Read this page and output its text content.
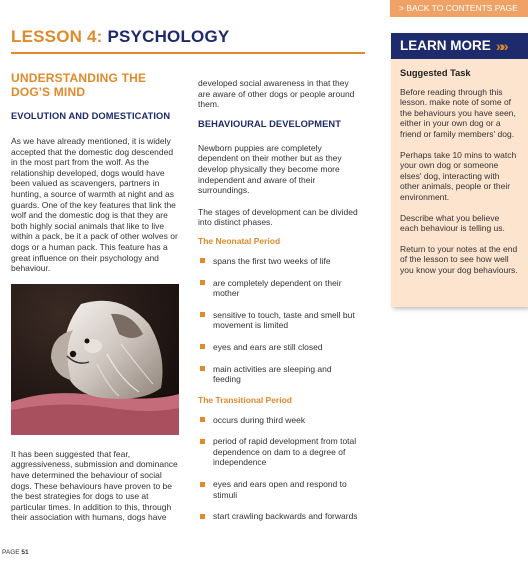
> BACK TO CONTENTS PAGE
LESSON 4: PSYCHOLOGY
UNDERSTANDING THE DOG'S MIND
EVOLUTION AND DOMESTICATION

As we have already mentioned, it is widely accepted that the domestic dog descended in the most part from the wolf. As the relationship developed, dogs would have been valued as scavengers, partners in hunting, a source of warmth at night and as guards. One of the key features that link the wolf and the domestic dog is that they are both highly social animals that like to live within a pack, be it a pack of other wolves or dogs or a human pack. This feature has a great influence on their psychology and behaviour.

It has been suggested that fear, aggressiveness, submission and dominance have determined the behaviour of social dogs. These behaviours have proven to be the best strategies for dogs to use at particular times. In addition to this, through their association with humans, dogs have

developed social awareness in that they are aware of other dogs or people around them.

BEHAVIOURAL DEVELOPMENT

Newborn puppies are completely dependent on their mother but as they develop physically they become more independent and aware of their surroundings.

The stages of development can be divided into distinct phases.

The Neonatal Period
spans the first two weeks of life
are completely dependent on their mother
sensitive to touch, taste and smell but movement is limited
eyes and ears are still closed
main activities are sleeping and feeding
The Transitional Period
occurs during third week
period of rapid development from total dependence on dam to a degree of independence
eyes and ears open and respond to stimuli
start crawling backwards and forwards
LEARN MORE »»
Suggested Task

Before reading through this lesson. make note of some of the behaviours you have seen, either in your own dog or a friend or family members' dog.

Perhaps take 10 mins to watch your own dog or someone elses' dog, interacting with other animals, people or their environment.

Describe what you believe each behaviour is telling us.

Return to your notes at the end of the lesson to see how well you know your dog behaviours.

PAGE 51
